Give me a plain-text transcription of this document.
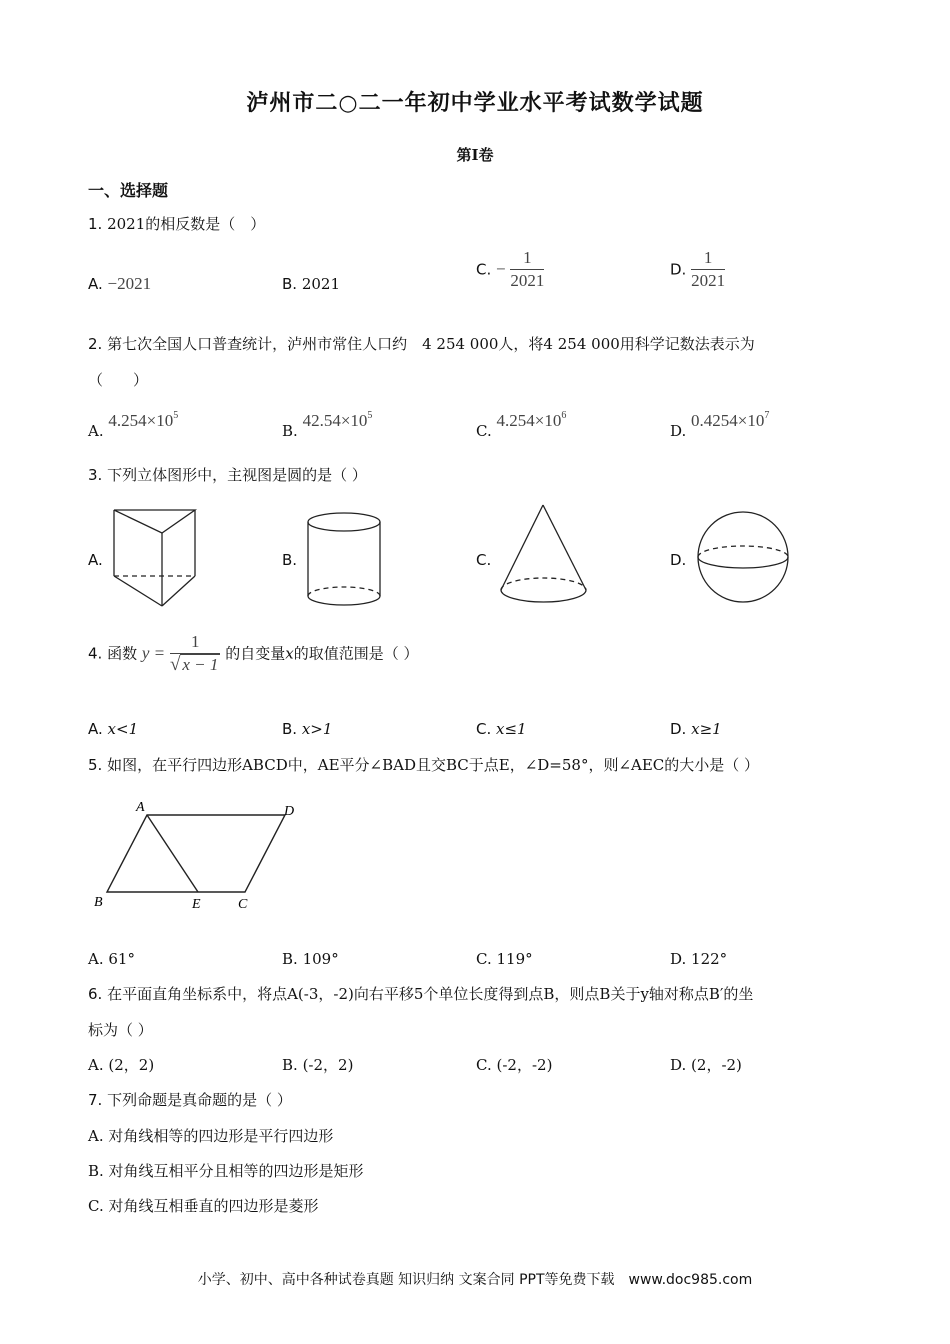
泸州市二○二一年初中学业水平考试数学试题
第Ⅰ卷
一、选择题
1. 2021的相反数是（　）
A. −2021	B. 2021
C. − $\frac{1}{2021}$	D. $\frac{1}{2021}$
2. 第七次全国人口普查统计，泸州市常住人口约　4 254 000人，将4 254 000用科学记数法表示为
（　　）
A. $4.254\times 10^5$
B. $42.54\times 10^5$
C. $4.254\times 10^6$
D. $0.4254\times 10^7$
3. 下列立体图形中，主视图是圆的是（ ）
A.	B.	C.	D.
4. 函数 $y = \frac{1}{√ x - 1}$ 的自变量x的取值范围是（ ）
A. x<1	B. x>1	C. x≤1	D. x≥1
5. 如图，在平行四边形ABCD中，AE平分∠BAD且交BC于点E，∠D=58°，则∠AEC的大小是（ ）
A	D
B	E	C
A. 61°	B. 109°	C. 119°	D. 122°
6. 在平面直角坐标系中，将点A(-3，-2)向右平移5个单位长度得到点B，则点B关于y轴对称点B′的坐
标为（ ）
A. (2，2)	B. (-2，2)	C. (-2，-2)	D. (2，-2)
7. 下列命题是真命题的是（ ）
A. 对角线相等的四边形是平行四边形
B. 对角线互相平分且相等的四边形是矩形
C. 对角线互相垂直的四边形是菱形
小学、初中、高中各种试卷真题 知识归纳 文案合同 PPT等免费下载　www.doc985.com
